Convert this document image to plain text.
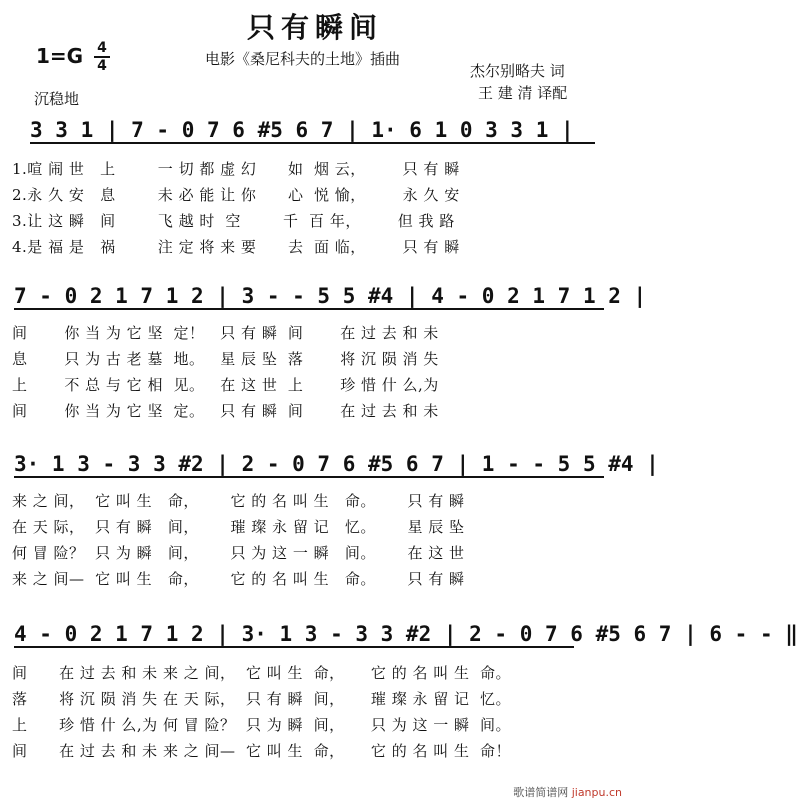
只有瞬间
1=G	4
4	电影《桑尼科夫的土地》插曲
杰尔别略夫 词
王 建 清 译配
沉稳地
3 3 1 | 7 - 0 7 6 #5 6 7 | 1· 6 1 0 3 3 1 |
1.喧 闹 世   上        一 切 都 虚 幻      如  烟 云，       只 有 瞬
2.永 久 安   息        未 必 能 让 你      心  悦 愉，       永 久 安
3.让 这 瞬   间        飞 越 时  空        千  百 年，       但 我 路
4.是 福 是   祸        注 定 将 来 要      去  面 临，       只 有 瞬
7 - 0 2 1 7 1 2 | 3 - - 5 5 #4 | 4 - 0 2 1 7 1 2 |
间       你 当 为 它 坚  定！   只 有 瞬  间       在 过 去 和 未
息       只 为 古 老 墓  地。   星 辰 坠  落       将 沉 陨 消 失
上       不 总 与 它 相  见。   在 这 世  上       珍 惜 什 么,为
间       你 当 为 它 坚  定。   只 有 瞬  间       在 过 去 和 未
3· 1 3 - 3 3 #2 | 2 - 0 7 6 #5 6 7 | 1 - - 5 5 #4 |
来 之 间，  它 叫 生   命，      它 的 名 叫 生   命。      只 有 瞬
在 天 际，  只 有 瞬   间，      璀 璨 永 留 记   忆。      星 辰 坠
何 冒 险？  只 为 瞬   间，      只 为 这 一 瞬   间。      在 这 世
来 之 间—  它 叫 生   命，      它 的 名 叫 生   命。      只 有 瞬
4 - 0 2 1 7 1 2 | 3· 1 3 - 3 3 #2 | 2 - 0 7 6 #5 6 7 | 6 - - ‖
间      在 过 去 和 未 来 之 间，  它 叫 生  命，     它 的 名 叫 生  命。
落      将 沉 陨 消 失 在 天 际，  只 有 瞬  间，     璀 璨 永 留 记  忆。
上      珍 惜 什 么,为 何 冒 险？  只 为 瞬  间，     只 为 这 一 瞬  间。
间      在 过 去 和 未 来 之 间—  它 叫 生  命，     它 的 名 叫 生  命！
歌谱简谱网 jianpu.cn
